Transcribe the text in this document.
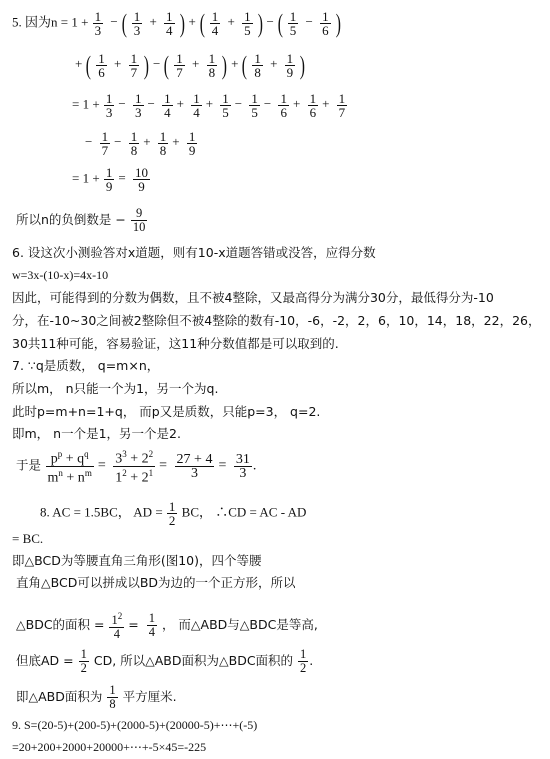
5. 因为$n = 1 + \frac{1}{3}$ − ( $\frac{1}{3} + \frac{1}{4}$ ) + ( $\frac{1}{4} + \frac{1}{5}$ ) − ( $\frac{1}{5} - \frac{1}{6}$ )
+ ( $\frac{1}{6} + \frac{1}{7}$ ) − ( $\frac{1}{7} + \frac{1}{8}$ ) + ( $\frac{1}{8} + \frac{1}{9}$ )
= $1 + \frac{1}{3} - \frac{1}{3} - \frac{1}{4} + \frac{1}{4} + \frac{1}{5} - \frac{1}{5} - \frac{1}{6} + \frac{1}{6} + \frac{1}{7}$
− $\frac{1}{7} - \frac{1}{8} + \frac{1}{8} + \frac{1}{9}$
= $1 + \frac{1}{9} = \frac{10}{9}$
所以n的负倒数是 − $\frac{9}{10}$
6. 设这次小测验答对x道题，则有10-x道题答错或没答，应得分数
w=3x-(10-x)=4x-10
因此，可能得到的分数为偶数，且不被4整除，又最高得分为满分30分，最低得分为-10
分，在-10~30之间被2整除但不被4整除的数有-10，-6，-2，2，6，10，14，18，22，26，
30共11种可能，容易验证，这11种分数值都是可以取到的.
7. ∵q是质数， q=m×n，
所以m， n只能一个为1，另一个为q.
此时p=m+n=1+q， 而p又是质数，只能p=3， q=2.
即m， n一个是1，另一个是2.
于是 $\frac{p^p + q^q}{m^n + n^m} = \frac{3^3 + 2^2}{1^2 + 2^1} = \frac{27 + 4}{3} = \frac{31}{3}$ .
8. AC = 1.5BC， AD = $\frac{1}{2}$ BC， ∴CD = AC - AD
= BC.
即△BCD为等腰直角三角形(图10)，四个等腰
直角△BCD可以拼成以BD为边的一个正方形，所以
△BDC的面积 = $\frac{1^2}{4} = \frac{1}{4}$ ， 而△ABD与△BDC是等高,
但底AD = $\frac{1}{2}$ CD, 所以△ABD面积为△BDC面积的 $\frac{1}{2}$ .
即△ABD面积为 $\frac{1}{8}$ 平方厘米.
9. S=(20-5)+(200-5)+(2000-5)+(20000-5)+⋯+(-5)
=20+200+2000+20000+⋯+-5×45=-225
